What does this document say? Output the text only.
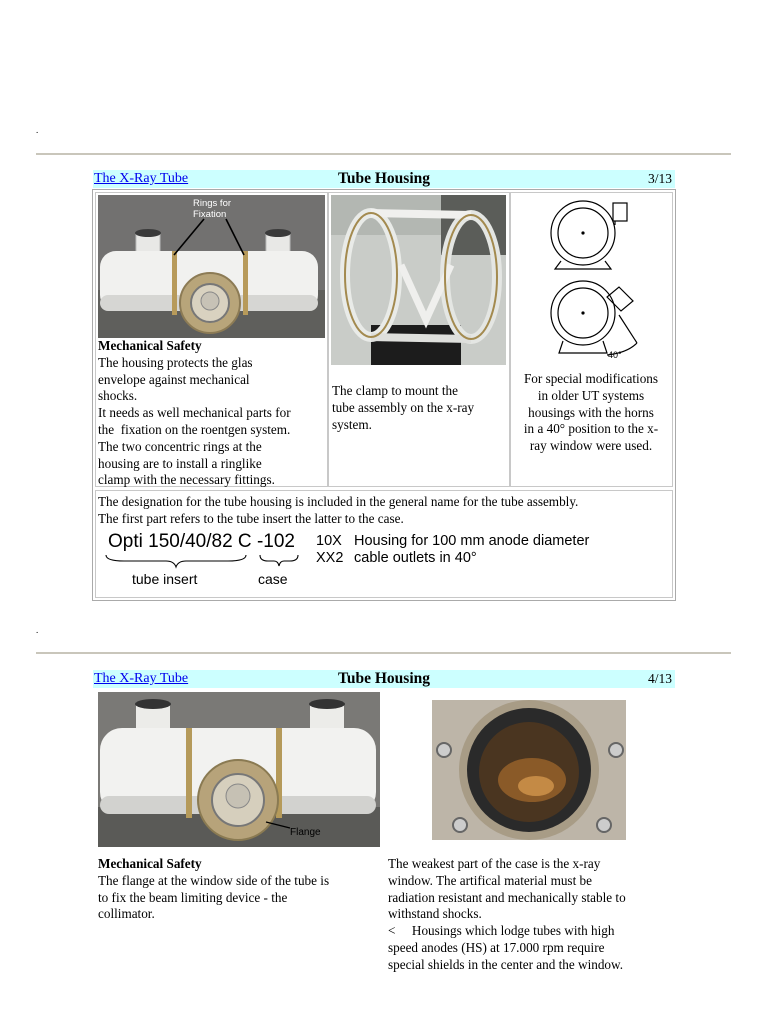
.
The X-Ray Tube	Tube Housing	3/13
Rings for
Fixation
Mechanical Safety
The housing protects the glas
envelope against mechanical
shocks.
It needs as well mechanical parts for
the  fixation on the roentgen system.
The two concentric rings at the
housing are to install a ringlike
clamp with the necessary fittings.
The clamp to mount the
tube assembly on the x-ray
system.
40°
For special modifications
in older UT systems
housings with the horns
in a 40° position to the x-
ray window were used.
The designation for the tube housing is included in the general name for the tube assembly.
The first part refers to the tube insert the latter to the case.
Opti 150/40/82 C -102
tube insert	case
10X Housing for 100 mm anode diameter
XX2 cable outlets in 40°
.
The X-Ray Tube	Tube Housing	4/13
Flange
Mechanical Safety
The flange at the window side of the tube is
to fix the beam limiting device - the
collimator.
The weakest part of the case is the x-ray
window. The artifical material must be
radiation resistant and mechanically stable to
withstand shocks.
<     Housings which lodge tubes with high
speed anodes (HS) at 17.000 rpm require
special shields in the center and the window.
